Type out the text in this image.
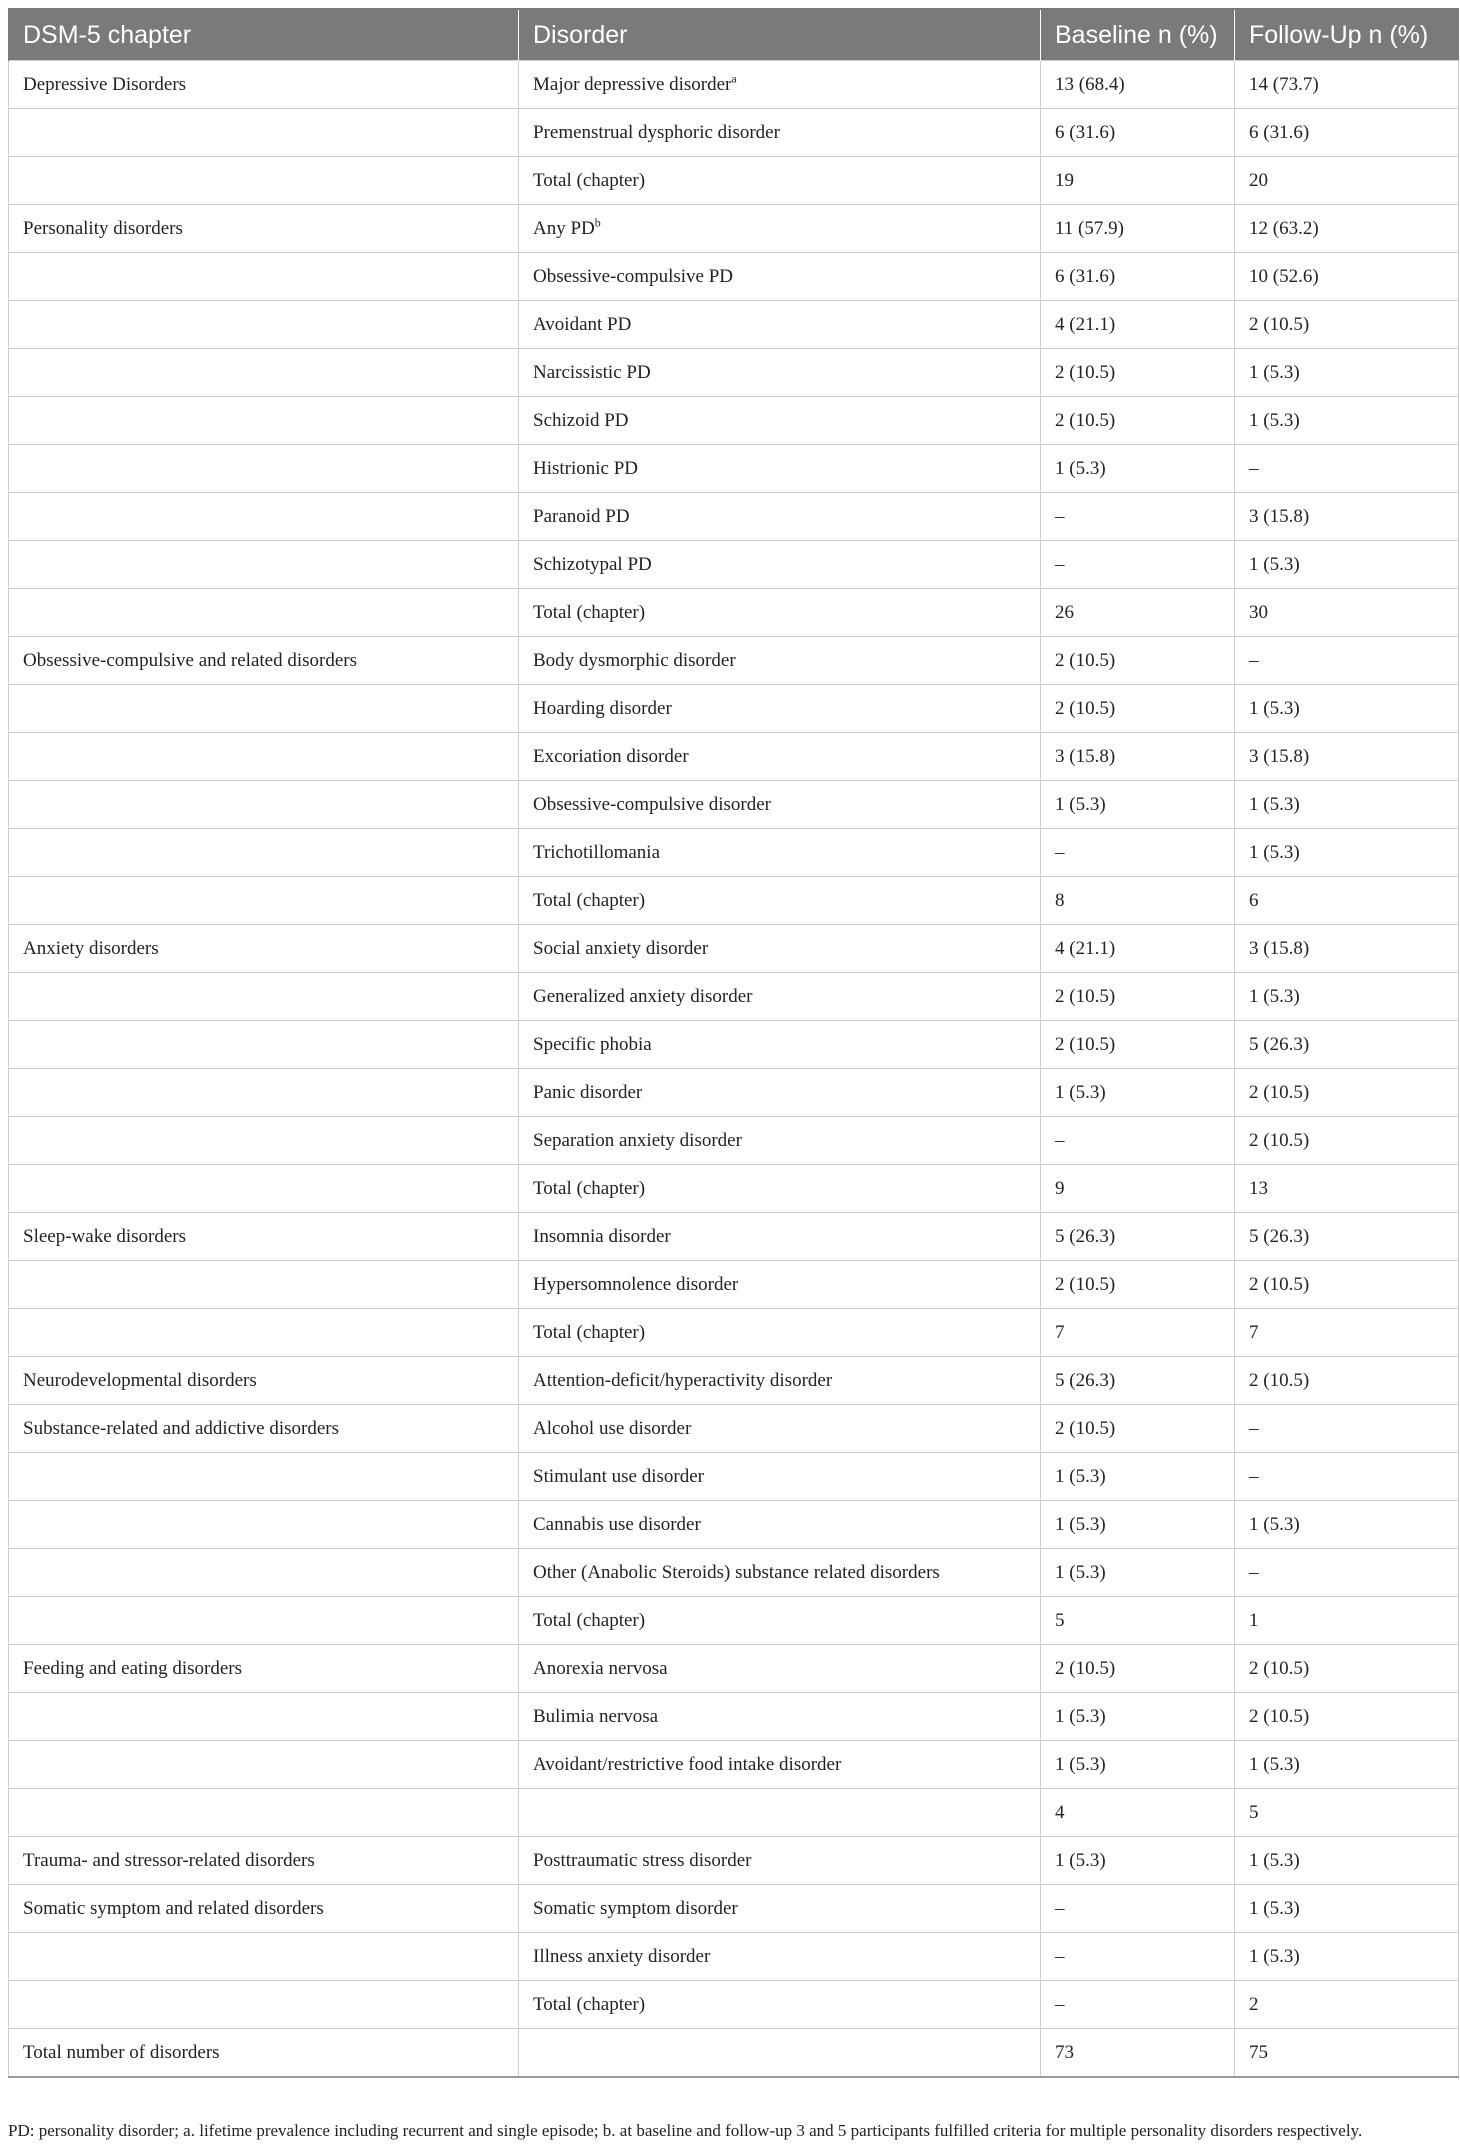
DSM-5 chapter	Disorder	Baseline n (%)	Follow-Up n (%)
Depressive Disorders	Major depressive disorder$^a$	13 (68.4)	14 (73.7)
	Premenstrual dysphoric disorder	6 (31.6)	6 (31.6)
	Total (chapter)	19	20
Personality disorders	Any $PD^b$	11 (57.9)	12 (63.2)
	Obsessive-compulsive PD	6 (31.6)	10 (52.6)
	Avoidant PD	4 (21.1)	2 (10.5)
	Narcissistic PD	2 (10.5)	1 (5.3)
	Schizoid PD	2 (10.5)	1 (5.3)
	Histrionic PD	1 (5.3)	–
	Paranoid PD	–	3 (15.8)
	Schizotypal PD	–	1 (5.3)
	Total (chapter)	26	30
Obsessive-compulsive and related disorders	Body dysmorphic disorder	2 (10.5)	–
	Hoarding disorder	2 (10.5)	1 (5.3)
	Excoriation disorder	3 (15.8)	3 (15.8)
	Obsessive-compulsive disorder	1 (5.3)	1 (5.3)
	Trichotillomania	–	1 (5.3)
	Total (chapter)	8	6
Anxiety disorders	Social anxiety disorder	4 (21.1)	3 (15.8)
	Generalized anxiety disorder	2 (10.5)	1 (5.3)
	Specific phobia	2 (10.5)	5 (26.3)
	Panic disorder	1 (5.3)	2 (10.5)
	Separation anxiety disorder	–	2 (10.5)
	Total (chapter)	9	13
Sleep-wake disorders	Insomnia disorder	5 (26.3)	5 (26.3)
	Hypersomnolence disorder	2 (10.5)	2 (10.5)
	Total (chapter)	7	7
Neurodevelopmental disorders	Attention-deficit/hyperactivity disorder	5 (26.3)	2 (10.5)
Substance-related and addictive disorders	Alcohol use disorder	2 (10.5)	–
	Stimulant use disorder	1 (5.3)	–
	Cannabis use disorder	1 (5.3)	1 (5.3)
	Other (Anabolic Steroids) substance related disorders	1 (5.3)	–
	Total (chapter)	5	1
Feeding and eating disorders	Anorexia nervosa	2 (10.5)	2 (10.5)
	Bulimia nervosa	1 (5.3)	2 (10.5)
	Avoidant/restrictive food intake disorder	1 (5.3)	1 (5.3)
		4	5
Trauma- and stressor-related disorders	Posttraumatic stress disorder	1 (5.3)	1 (5.3)
Somatic symptom and related disorders	Somatic symptom disorder	–	1 (5.3)
	Illness anxiety disorder	–	1 (5.3)
	Total (chapter)	–	2
Total number of disorders		73	75
PD: personality disorder; a. lifetime prevalence including recurrent and single episode; b. at baseline and follow-up 3 and 5 participants fulfilled criteria for multiple personality disorders respectively.
